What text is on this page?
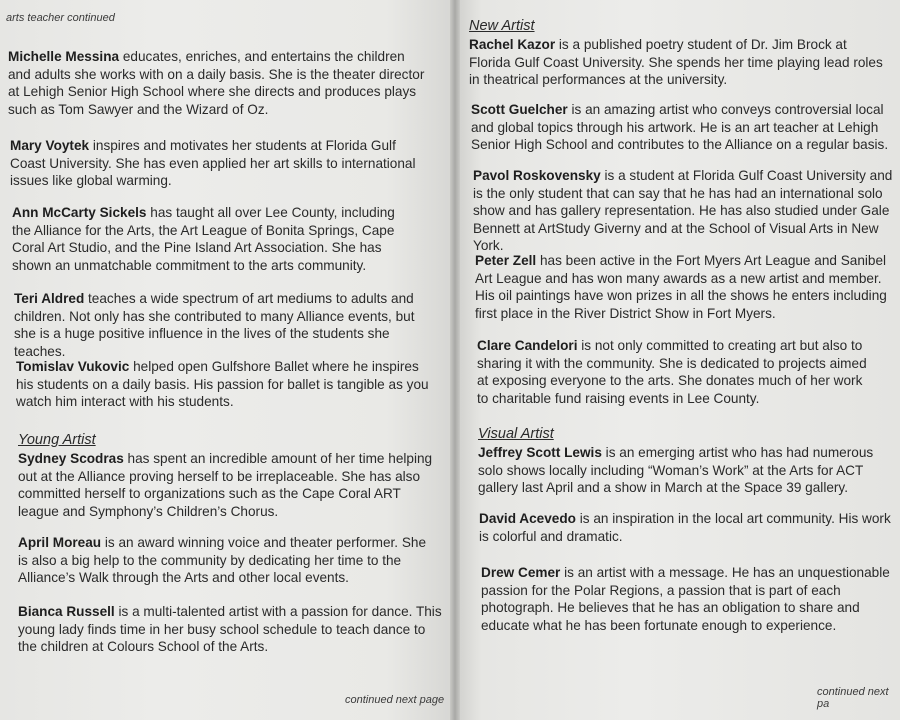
arts teacher continued

Michelle Messina educates, enriches, and entertains the children and adults she works with on a daily basis. She is the theater director at Lehigh Senior High School where she directs and produces plays such as Tom Sawyer and the Wizard of Oz.

Mary Voytek inspires and motivates her students at Florida Gulf Coast University. She has even applied her art skills to international issues like global warming.

Ann McCarty Sickels has taught all over Lee County, including the Alliance for the Arts, the Art League of Bonita Springs, Cape Coral Art Studio, and the Pine Island Art Association. She has shown an unmatchable commitment to the arts community.

Teri Aldred teaches a wide spectrum of art mediums to adults and children. Not only has she contributed to many Alliance events, but she is a huge positive influence in the lives of the students she teaches.

Tomislav Vukovic helped open Gulfshore Ballet where he inspires his students on a daily basis. His passion for ballet is tangible as you watch him interact with his students.

Young Artist

Sydney Scodras has spent an incredible amount of her time helping out at the Alliance proving herself to be irreplaceable. She has also committed herself to organizations such as the Cape Coral ART league and Symphony’s Children’s Chorus.

April Moreau is an award winning voice and theater performer. She is also a big help to the community by dedicating her time to the Alliance’s Walk through the Arts and other local events.

Bianca Russell is a multi-talented artist with a passion for dance. This young lady finds time in her busy school schedule to teach dance to the children at Colours School of the Arts.

continued next page
New Artist

Rachel Kazor is a published poetry student of Dr. Jim Brock at Florida Gulf Coast University. She spends her time playing lead roles in theatrical performances at the university.

Scott Guelcher is an amazing artist who conveys controversial local and global topics through his artwork. He is an art teacher at Lehigh Senior High School and contributes to the Alliance on a regular basis.

Pavol Roskovensky is a student at Florida Gulf Coast University and is the only student that can say that he has had an international solo show and has gallery representation. He has also studied under Gale Bennett at ArtStudy Giverny and at the School of Visual Arts in New York.

Peter Zell has been active in the Fort Myers Art League and Sanibel Art League and has won many awards as a new artist and member. His oil paintings have won prizes in all the shows he enters including first place in the River District Show in Fort Myers.

Clare Candelori is not only committed to creating art but also to sharing it with the community. She is dedicated to projects aimed at exposing everyone to the arts. She donates much of her work to charitable fund raising events in Lee County.

Visual Artist

Jeffrey Scott Lewis is an emerging artist who has had numerous solo shows locally including “Woman’s Work” at the Arts for ACT gallery last April and a show in March at the Space 39 gallery.

David Acevedo is an inspiration in the local art community. His work is colorful and dramatic.

Drew Cemer is an artist with a message. He has an unquestionable passion for the Polar Regions, a passion that is part of each photograph. He believes that he has an obligation to share and educate what he has been fortunate enough to experience.

continued next pa
